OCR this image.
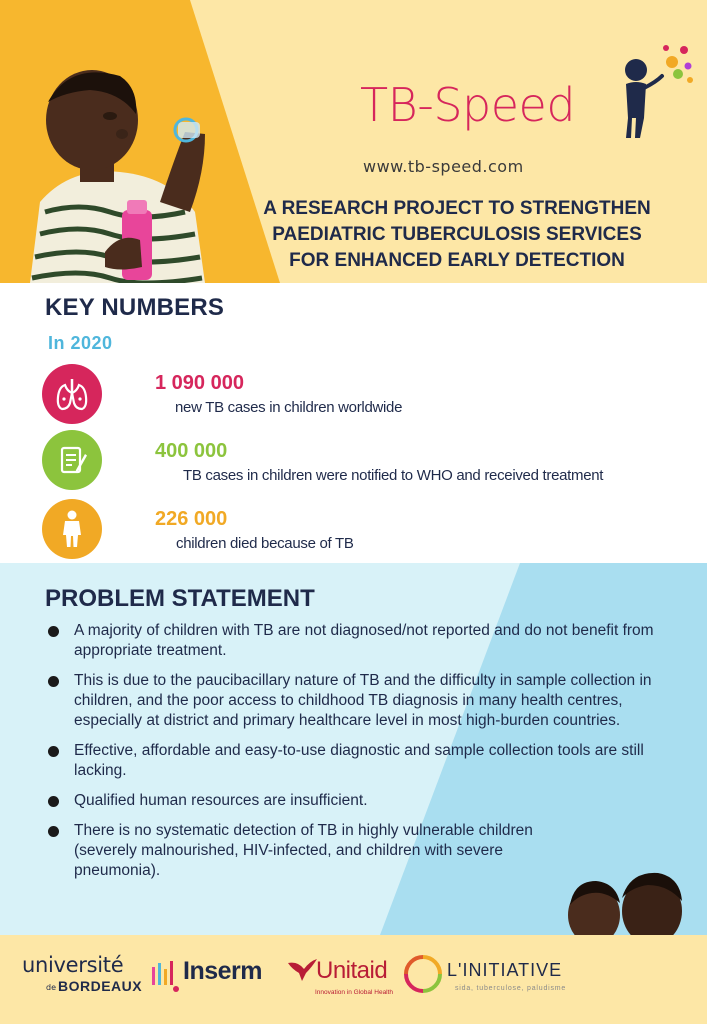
TB-Speed
www.tb-speed.com
A RESEARCH PROJECT TO STRENGTHEN
PAEDIATRIC TUBERCULOSIS SERVICES
FOR ENHANCED EARLY DETECTION
KEY NUMBERS
In 2020
1 090 000
new TB cases in children worldwide
400 000
TB cases in children were notified to WHO and received treatment
226 000
children died because of TB
PROBLEM STATEMENT
A majority of children with TB are not diagnosed/not reported and do not benefit from appropriate treatment.
This is due to the paucibacillary nature of TB and the difficulty in sample collection in children, and the poor access to childhood TB diagnosis in many health centres, especially at district and primary healthcare level in most high-burden countries.
Effective, affordable and easy-to-use diagnostic and sample collection tools are still lacking.
Qualified human resources are insufficient.
There is no systematic detection of TB in highly vulnerable children (severely malnourished, HIV-infected, and children with severe pneumonia).
université
de BORDEAUX
Inserm Unitaid
Innovation in Global Health
L'INITIATIVE
sida, tuberculose, paludisme
